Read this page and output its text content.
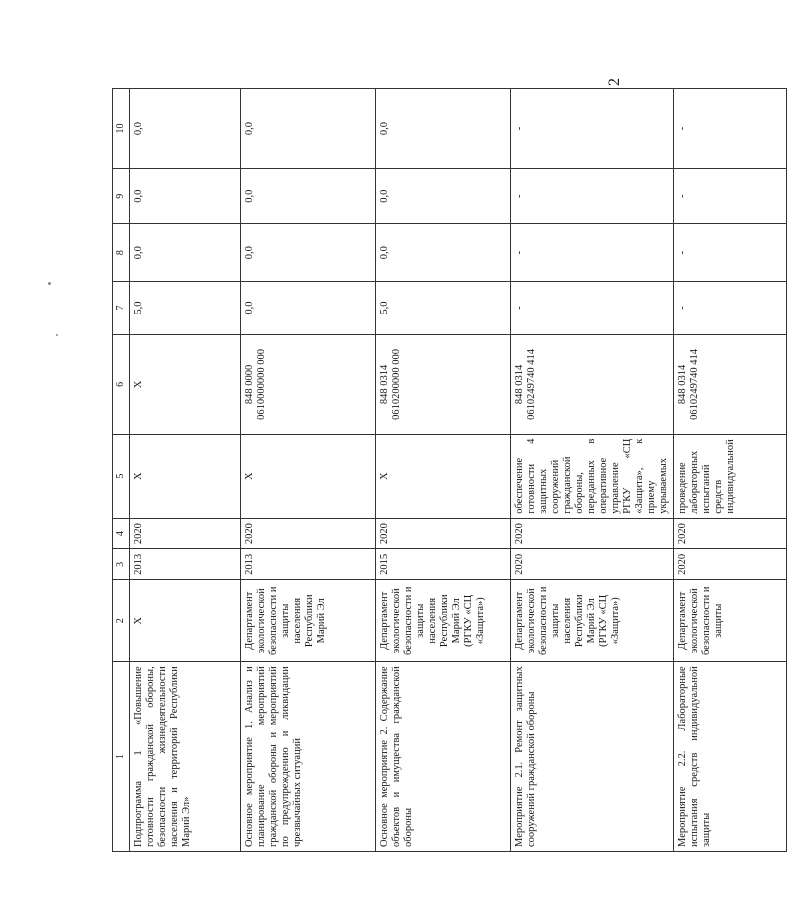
2
1	2	3	4	5	6	7	8	9	10
Подпрограмма 1 «Повышение готовности гражданской обороны, безопасности жизнедеятельности населения и территорий Республики Марий Эл»	X	2013	2020	X	X	5,0	0,0	0,0	0,0
Основное мероприятие 1. Анализ и планирование мероприятий гражданской обороны и мероприятий по предупреждению и ликвидации чрезвычайных ситуаций	Департамент экологической безопасности и защиты населения Республики Марий Эл	2013	2020	X	848 0000 0610000000 000	0,0	0,0	0,0	0,0
Основное мероприятие 2. Содержание объектов и имущества гражданской обороны	Департамент экологической безопасности и защиты населения Республики Марий Эл (РГКУ «СЦ «Защита»)	2015	2020	X	848 0314 0610200000 000	5,0	0,0	0,0	0,0
Мероприятие 2.1. Ремонт защитных сооружений гражданской обороны	Департамент экологической безопасности и защиты населения Республики Марий Эл (РГКУ «СЦ «Защита»)	2020	2020	обеспечение готовности 4 защитных сооружений гражданской обороны, переданных в оперативное управление РГКУ «СЦ «Защита», к приему укрываемых	848 0314 0610249740 414	-	-	-	-
Мероприятие 2.2. Лабораторные испытания средств индивидуальной защиты	Департамент экологической безопасности и защиты	2020	2020	проведение лабораторных испытаний средств индивидуальной	848 0314 0610249740 414	-	-	-	-
